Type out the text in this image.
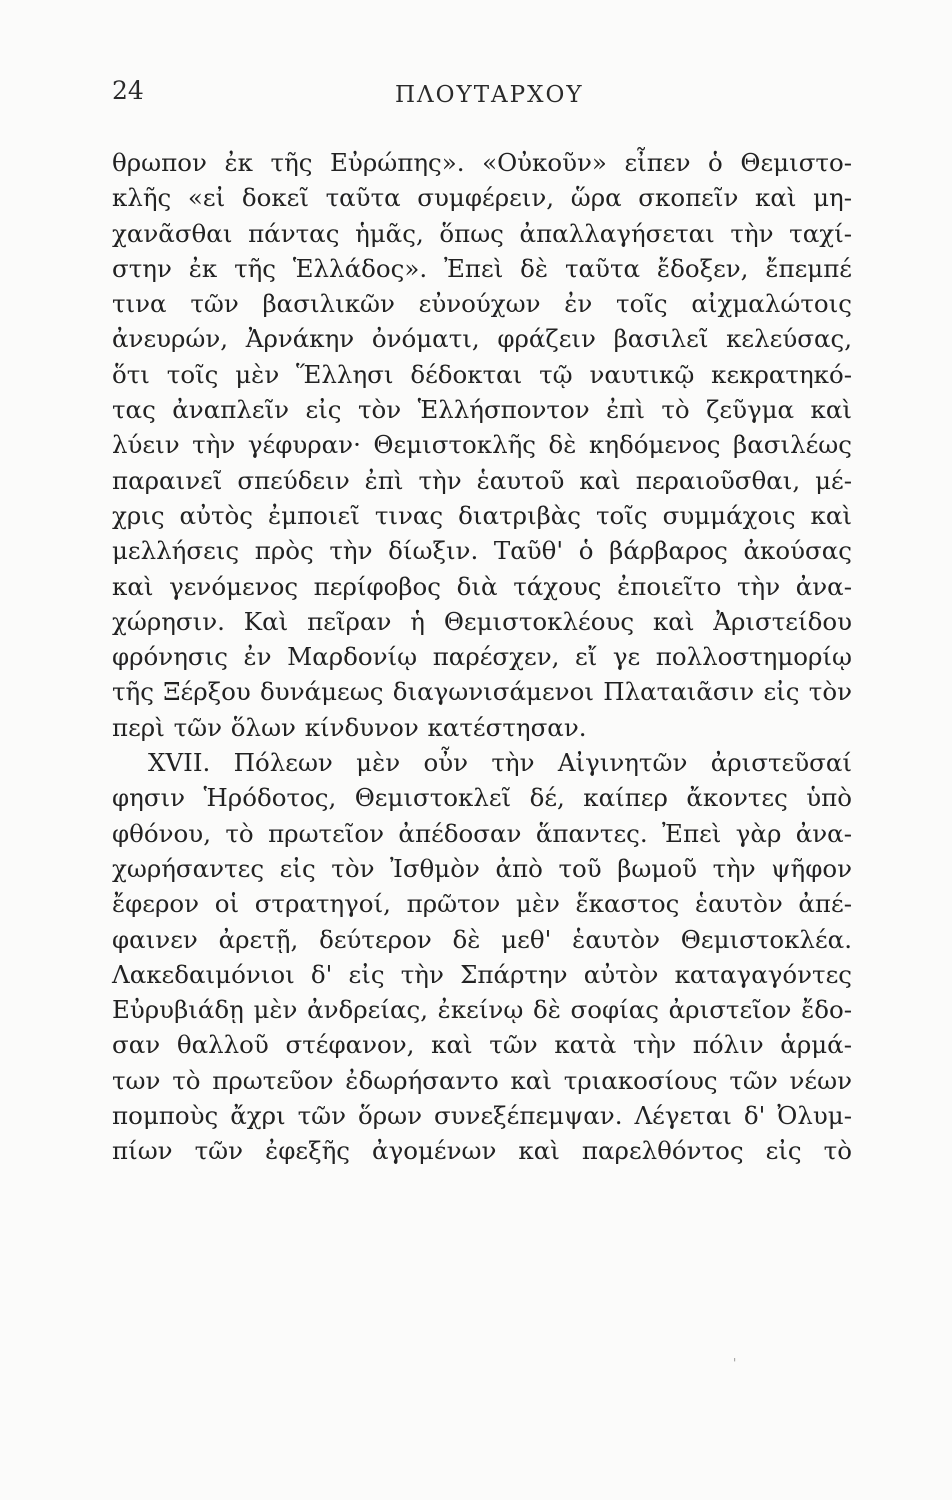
24	ΠΛΟΥΤΑΡΧΟΥ
θρωπον ἐκ τῆς Εὐρώπης». «Οὐκοῦν» εἶπεν ὁ Θεμιστο-
κλῆς «εἰ δοκεῖ ταῦτα συμφέρειν, ὥρα σκοπεῖν καὶ μη-
χανᾶσθαι πάντας ἡμᾶς, ὅπως ἀπαλλαγήσεται τὴν ταχί-
στην ἐκ τῆς Ἑλλάδος». Ἐπεὶ δὲ ταῦτα ἔδοξεν, ἔπεμπέ
τινα τῶν βασιλικῶν εὐνούχων ἐν τοῖς αἰχμαλώτοις
ἀνευρών, Ἀρνάκην ὀνόματι, φράζειν βασιλεῖ κελεύσας,
ὅτι τοῖς μὲν Ἕλλησι δέδοκται τῷ ναυτικῷ κεκρατηκό-
τας ἀναπλεῖν εἰς τὸν Ἑλλήσποντον ἐπὶ τὸ ζεῦγμα καὶ
λύειν τὴν γέφυραν· Θεμιστοκλῆς δὲ κηδόμενος βασιλέως
παραινεῖ σπεύδειν ἐπὶ τὴν ἑαυτοῦ καὶ περαιοῦσθαι, μέ-
χρις αὐτὸς ἐμποιεῖ τινας διατριβὰς τοῖς συμμάχοις καὶ
μελλήσεις πρὸς τὴν δίωξιν. Ταῦθ' ὁ βάρβαρος ἀκούσας
καὶ γενόμενος περίφοβος διὰ τάχους ἐποιεῖτο τὴν ἀνα-
χώρησιν. Καὶ πεῖραν ἡ Θεμιστοκλέους καὶ Ἀριστείδου
φρόνησις ἐν Μαρδονίῳ παρέσχεν, εἴ γε πολλοστημορίῳ
τῆς Ξέρξου δυνάμεως διαγωνισάμενοι Πλαταιᾶσιν εἰς τὸν
περὶ τῶν ὅλων κίνδυνον κατέστησαν.
XVII. Πόλεων μὲν οὖν τὴν Αἰγινητῶν ἀριστεῦσαί
φησιν Ἡρόδοτος, Θεμιστοκλεῖ δέ, καίπερ ἄκοντες ὑπὸ
φθόνου, τὸ πρωτεῖον ἀπέδοσαν ἅπαντες. Ἐπεὶ γὰρ ἀνα-
χωρήσαντες εἰς τὸν Ἰσθμὸν ἀπὸ τοῦ βωμοῦ τὴν ψῆφον
ἔφερον οἱ στρατηγοί, πρῶτον μὲν ἕκαστος ἑαυτὸν ἀπέ-
φαινεν ἀρετῇ, δεύτερον δὲ μεθ' ἑαυτὸν Θεμιστοκλέα.
Λακεδαιμόνιοι δ' εἰς τὴν Σπάρτην αὐτὸν καταγαγόντες
Εὐρυβιάδῃ μὲν ἀνδρείας, ἐκείνῳ δὲ σοφίας ἀριστεῖον ἔδο-
σαν θαλλοῦ στέφανον, καὶ τῶν κατὰ τὴν πόλιν ἁρμά-
των τὸ πρωτεῦον ἐδωρήσαντο καὶ τριακοσίους τῶν νέων
πομποὺς ἄχρι τῶν ὅρων συνεξέπεμψαν. Λέγεται δ' Ὀλυμ-
πίων τῶν ἐφεξῆς ἀγομένων καὶ παρελθόντος εἰς τὸ
'
